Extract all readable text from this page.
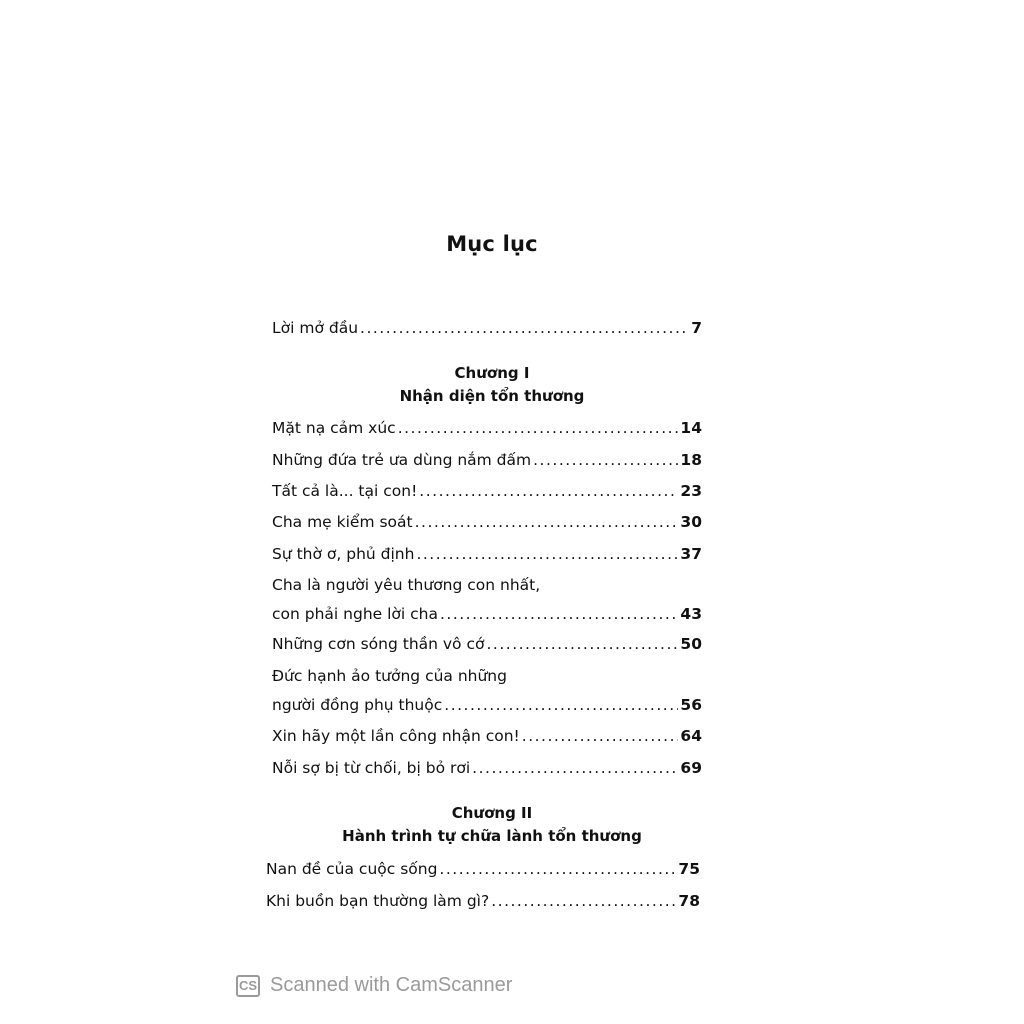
Mục lục
Lời mở đầu .....	7
Chương I
Nhận diện tổn thương
Mặt nạ cảm xúc .....	14
Những đứa trẻ ưa dùng nắm đấm .....	18
Tất cả là... tại con! .....	23
Cha mẹ kiểm soát .....	30
Sự thờ ơ, phủ định .....	37
Cha là người yêu thương con nhất,
con phải nghe lời cha .....	43
Những cơn sóng thần vô cớ .....	50
Đức hạnh ảo tưởng của những
người đồng phụ thuộc .....	56
Xin hãy một lần công nhận con! .....	64
Nỗi sợ bị từ chối, bị bỏ rơi .....	69
Chương II
Hành trình tự chữa lành tổn thương
Nan đề của cuộc sống .....	75
Khi buồn bạn thường làm gì? .....	78
CS Scanned with CamScanner
